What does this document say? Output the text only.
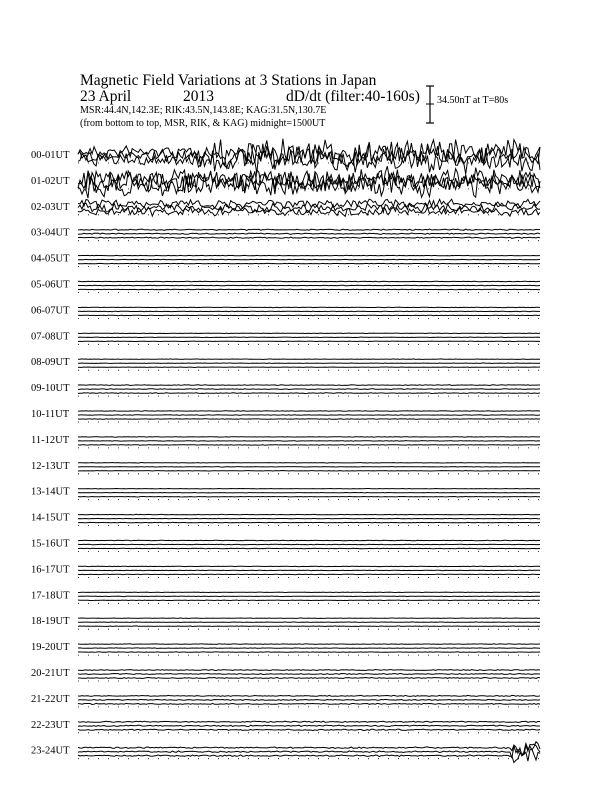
Magnetic Field Variations at 3 Stations in Japan
23 April	2013	dD/dt (filter:40-160s)
MSR:44.4N,142.3E; RIK:43.5N,143.8E; KAG:31.5N,130.7E
(from bottom to top, MSR, RIK, & KAG) midnight=1500UT
34.50nT at T=80s
00-01UT
01-02UT
02-03UT
03-04UT
04-05UT
05-06UT
06-07UT
07-08UT
08-09UT
09-10UT
10-11UT
11-12UT
12-13UT
13-14UT
14-15UT
15-16UT
16-17UT
17-18UT
18-19UT
19-20UT
20-21UT
21-22UT
22-23UT
23-24UT
